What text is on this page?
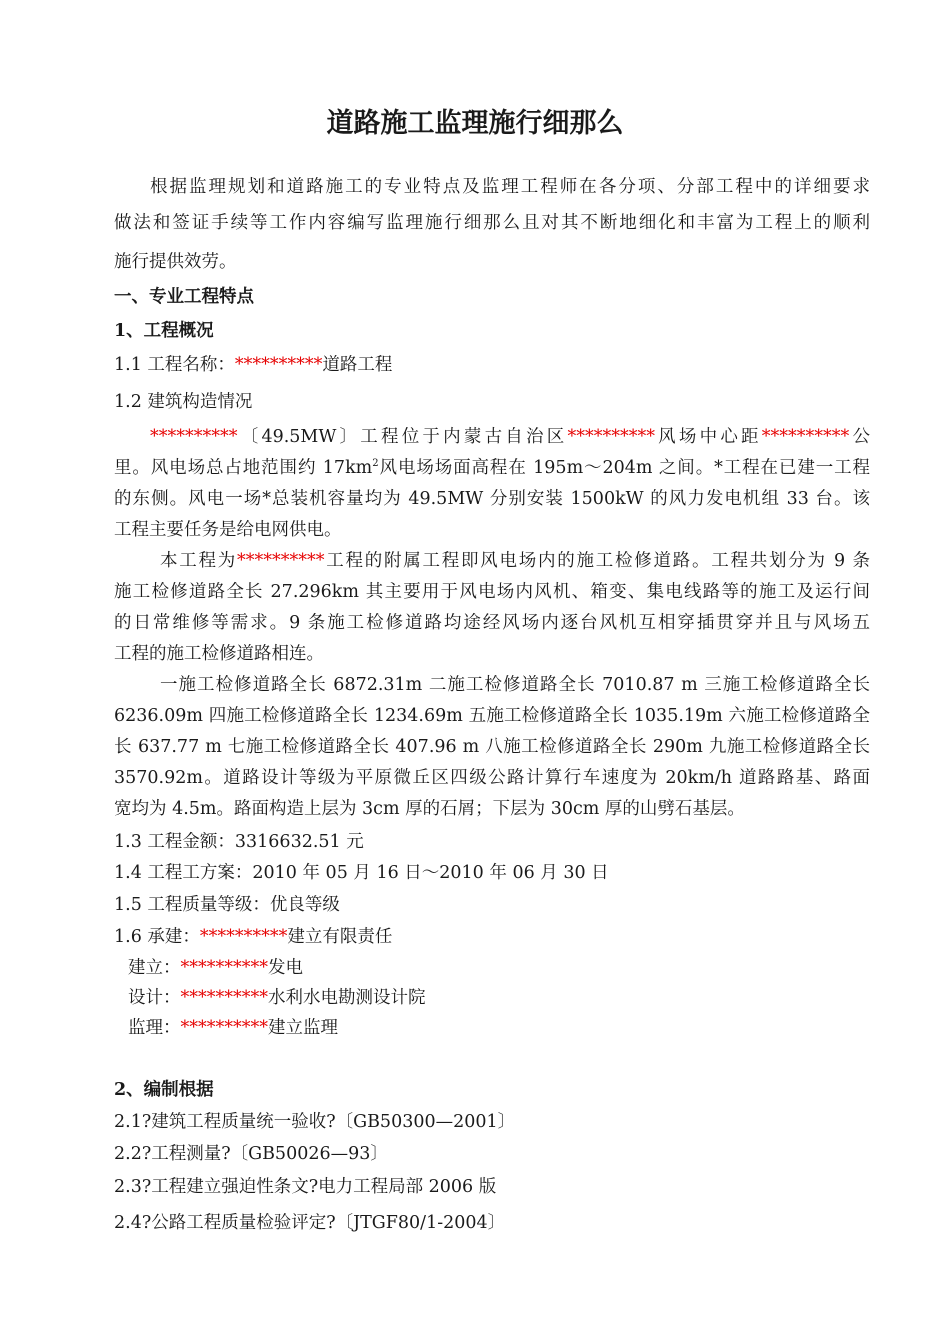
道路施工监理施行细那么
根据监理规划和道路施工的专业特点及监理工程师在各分项、分部工程中的详细要求
做法和签证手续等工作内容编写监理施行细那么且对其不断地细化和丰富为工程上的顺利
施行提供效劳。
一、专业工程特点
1、工程概况
1.1 工程名称：**********道路工程
1.2 建筑构造情况
**********〔49.5MW〕工程位于内蒙古自治区**********风场中心距**********公
里。风电场总占地范围约 $17km^2$风电场场面高程在 195m～204m 之间。*工程在已建一工程
的东侧。风电一场*总装机容量均为 49.5MW 分别安装 1500kW 的风力发电机组 33 台。该
工程主要任务是给电网供电。
本工程为**********工程的附属工程即风电场内的施工检修道路。工程共划分为 9 条
施工检修道路全长 27.296km 其主要用于风电场内风机、箱变、集电线路等的施工及运行间
的日常维修等需求。9 条施工检修道路均途经风场内逐台风机互相穿插贯穿并且与风场五
工程的施工检修道路相连。
一施工检修道路全长 6872.31m 二施工检修道路全长 7010.87 m 三施工检修道路全长
6236.09m 四施工检修道路全长 1234.69m 五施工检修道路全长 1035.19m 六施工检修道路全
长 637.77 m 七施工检修道路全长 407.96 m 八施工检修道路全长 290m 九施工检修道路全长
3570.92m。道路设计等级为平原微丘区四级公路计算行车速度为 20km/h 道路路基、路面
宽均为 4.5m。路面构造上层为 3cm 厚的石屑；下层为 30cm 厚的山劈石基层。
1.3 工程金额：3316632.51 元
1.4 工程工方案：2010 年 05 月 16 日～2010 年 06 月 30 日
1.5 工程质量等级：优良等级
1.6 承建：**********建立有限责任
建立：**********发电
设计：**********水利水电勘测设计院
监理：**********建立监理
2、编制根据
2.1?建筑工程质量统一验收?〔GB50300—2001〕
2.2?工程测量?〔GB50026—93〕
2.3?工程建立强迫性条文?电力工程局部 2006 版
2.4?公路工程质量检验评定?〔JTGF80/1-2004〕
